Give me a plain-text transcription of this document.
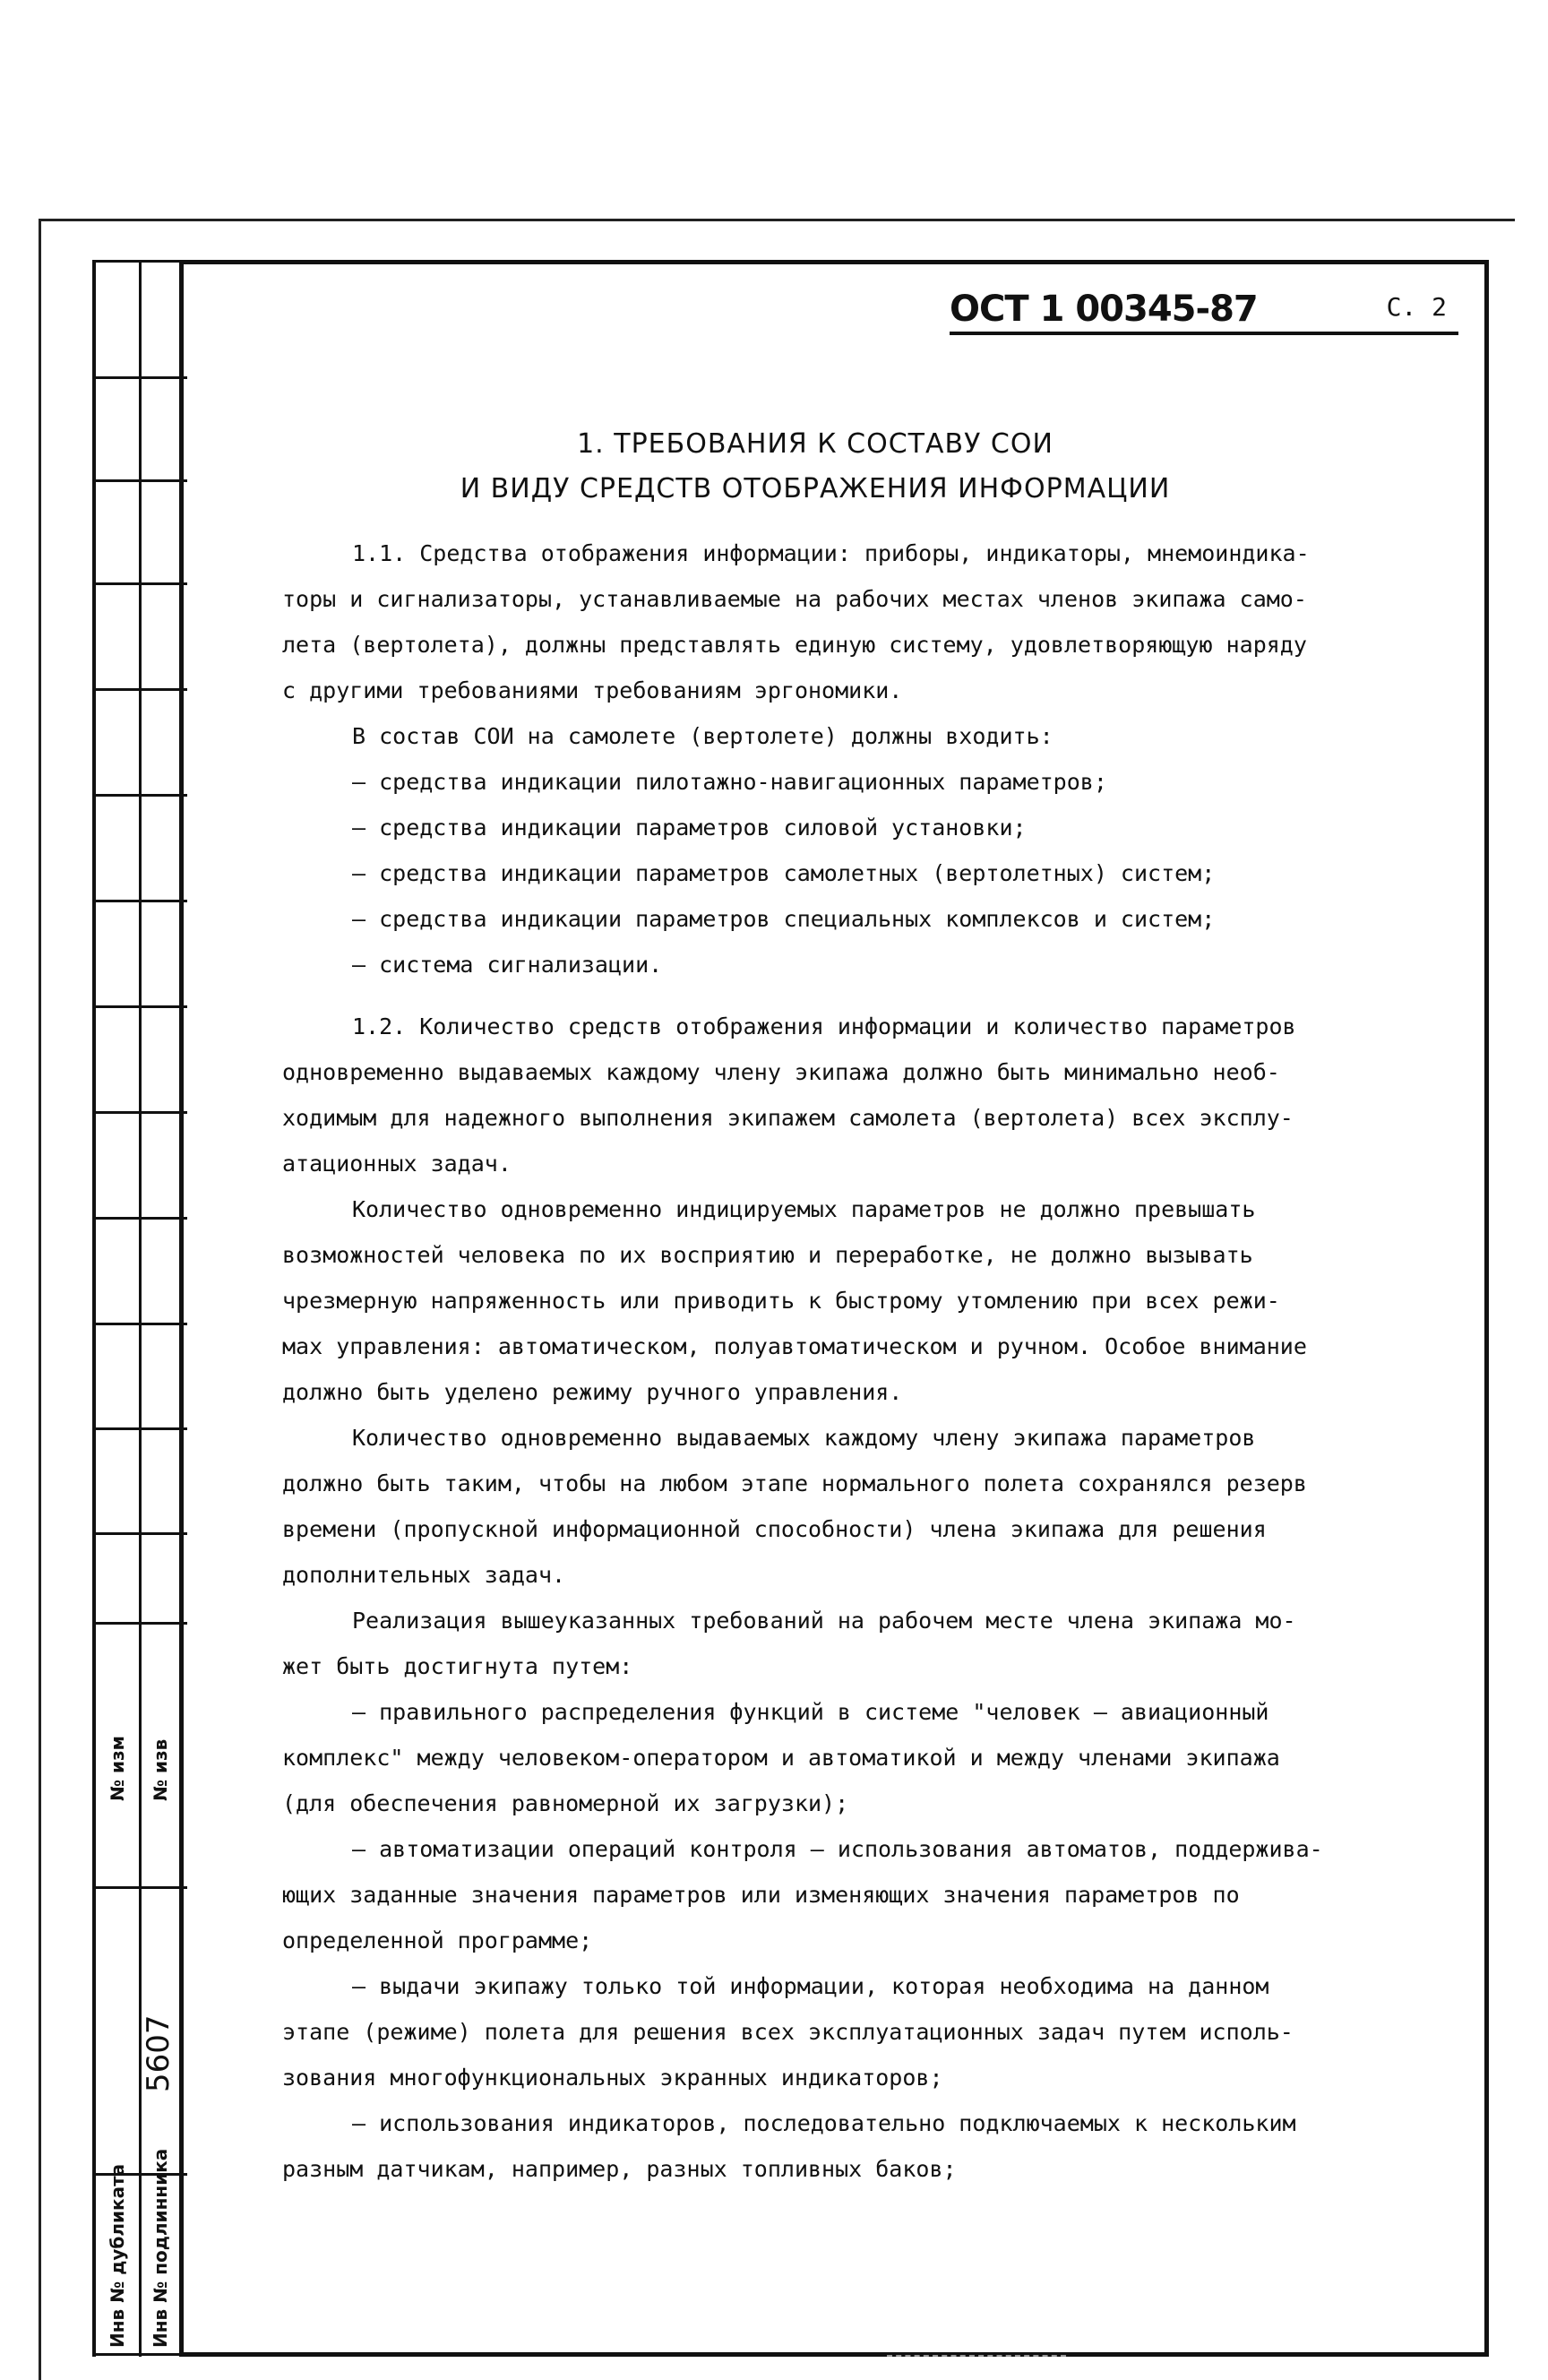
№ изм № изв
5607
Инв № дубликата Инв № подлинника
ОСТ 1 00345-87	С. 2
1. ТРЕБОВАНИЯ К СОСТАВУ СОИ
И ВИДУ СРЕДСТВ ОТОБРАЖЕНИЯ ИНФОРМАЦИИ
1.1. Средства отображения информации: приборы, индикаторы, мнемоиндика-
торы и сигнализаторы, устанавливаемые на рабочих местах членов экипажа само-
лета (вертолета), должны представлять единую систему, удовлетворяющую наряду
с другими требованиями требованиям эргономики.
В состав СОИ на самолете (вертолете) должны входить:
– средства индикации пилотажно-навигационных параметров;
– средства индикации параметров силовой установки;
– средства индикации параметров самолетных (вертолетных) систем;
– средства индикации параметров специальных комплексов и систем;
– система сигнализации.
1.2. Количество средств отображения информации и количество параметров
одновременно выдаваемых каждому члену экипажа должно быть минимально необ-
ходимым для надежного выполнения экипажем самолета (вертолета) всех эксплу-
атационных задач.
Количество одновременно индицируемых параметров не должно превышать
возможностей человека по их восприятию и переработке, не должно вызывать
чрезмерную напряженность или приводить к быстрому утомлению при всех режи-
мах управления: автоматическом, полуавтоматическом и ручном. Особое внимание
должно быть уделено режиму ручного управления.
Количество одновременно выдаваемых каждому члену экипажа параметров
должно быть таким, чтобы на любом этапе нормального полета сохранялся резерв
времени (пропускной информационной способности) члена экипажа для решения
дополнительных задач.
Реализация вышеуказанных требований на рабочем месте члена экипажа мо-
жет быть достигнута путем:
– правильного распределения функций в системе "человек – авиационный
комплекс" между человеком-оператором и автоматикой и между членами экипажа
(для обеспечения равномерной их загрузки);
– автоматизации операций контроля – использования автоматов, поддержива-
ющих заданные значения параметров или изменяющих значения параметров по
определенной программе;
– выдачи экипажу только той информации, которая необходима на данном
этапе (режиме) полета для решения всех эксплуатационных задач путем исполь-
зования многофункциональных экранных индикаторов;
– использования индикаторов, последовательно подключаемых к нескольким
разным датчикам, например, разных топливных баков;
